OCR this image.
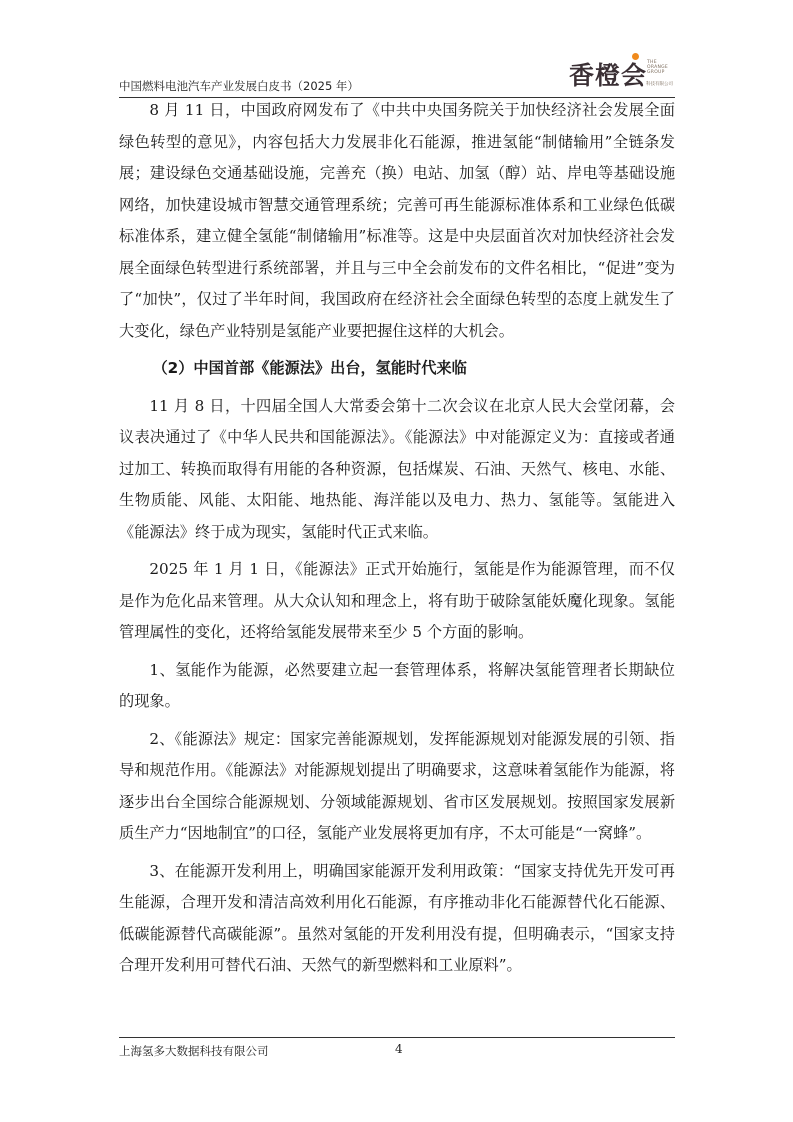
中国燃料电池汽车产业发展白皮书（2025 年）	香橙会 THE ORANGE GROUP
科技有限公司

8 月 11 日，中国政府网发布了《中共中央国务院关于加快经济社会发展全面绿色转型的意见》，内容包括大力发展非化石能源，推进氢能“制储输用”全链条发展；建设绿色交通基础设施，完善充（换）电站、加氢（醇）站、岸电等基础设施网络，加快建设城市智慧交通管理系统；完善可再生能源标准体系和工业绿色低碳标准体系，建立健全氢能“制储输用”标准等。这是中央层面首次对加快经济社会发展全面绿色转型进行系统部署，并且与三中全会前发布的文件名相比，“促进”变为了“加快”，仅过了半年时间，我国政府在经济社会全面绿色转型的态度上就发生了大变化，绿色产业特别是氢能产业要把握住这样的大机会。

（2）中国首部《能源法》出台，氢能时代来临

11 月 8 日，十四届全国人大常委会第十二次会议在北京人民大会堂闭幕，会议表决通过了《中华人民共和国能源法》。《能源法》中对能源定义为：直接或者通过加工、转换而取得有用能的各种资源，包括煤炭、石油、天然气、核电、水能、生物质能、风能、太阳能、地热能、海洋能以及电力、热力、氢能等。氢能进入《能源法》终于成为现实，氢能时代正式来临。

2025 年 1 月 1 日，《能源法》正式开始施行，氢能是作为能源管理，而不仅是作为危化品来管理。从大众认知和理念上，将有助于破除氢能妖魔化现象。氢能管理属性的变化，还将给氢能发展带来至少 5 个方面的影响。

1、氢能作为能源，必然要建立起一套管理体系，将解决氢能管理者长期缺位的现象。

2、《能源法》规定：国家完善能源规划，发挥能源规划对能源发展的引领、指导和规范作用。《能源法》对能源规划提出了明确要求，这意味着氢能作为能源，将逐步出台全国综合能源规划、分领域能源规划、省市区发展规划。按照国家发展新质生产力“因地制宜”的口径，氢能产业发展将更加有序，不太可能是“一窝蜂”。

3、在能源开发利用上，明确国家能源开发利用政策：“国家支持优先开发可再生能源，合理开发和清洁高效利用化石能源，有序推动非化石能源替代化石能源、低碳能源替代高碳能源”。虽然对氢能的开发利用没有提，但明确表示，“国家支持合理开发利用可替代石油、天然气的新型燃料和工业原料”。

上海氢多大数据科技有限公司	4
